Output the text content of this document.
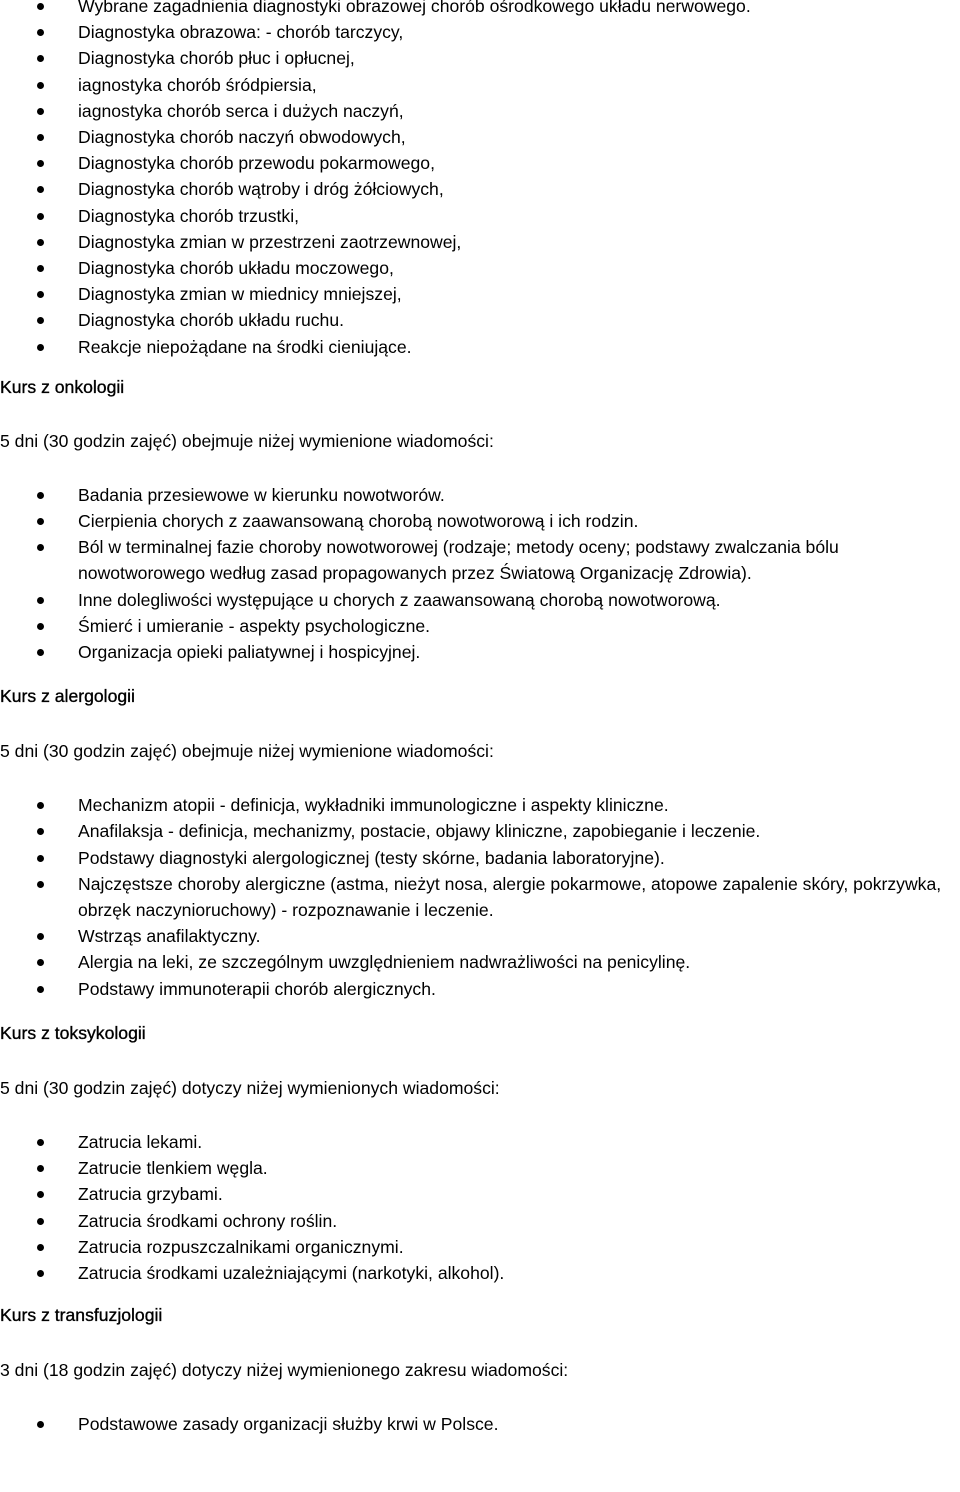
Wybrane zagadnienia diagnostyki obrazowej chorób ośrodkowego układu nerwowego.
Diagnostyka obrazowa: - chorób tarczycy,
Diagnostyka chorób płuc i opłucnej,
iagnostyka chorób śródpiersia,
iagnostyka chorób serca i dużych naczyń,
Diagnostyka chorób naczyń obwodowych,
Diagnostyka chorób przewodu pokarmowego,
Diagnostyka chorób wątroby i dróg żółciowych,
Diagnostyka chorób trzustki,
Diagnostyka zmian w przestrzeni zaotrzewnowej,
Diagnostyka chorób układu moczowego,
Diagnostyka zmian w miednicy mniejszej,
Diagnostyka chorób układu ruchu.
Reakcje niepożądane na środki cieniujące.
Kurs z onkologii

5 dni (30 godzin zajęć) obejmuje niżej wymienione wiadomości:

Badania przesiewowe w kierunku nowotworów.
Cierpienia chorych z zaawansowaną chorobą nowotworową i ich rodzin.
Ból w terminalnej fazie choroby nowotworowej (rodzaje; metody oceny; podstawy zwalczania bólu nowotworowego według zasad propagowanych przez Światową Organizację Zdrowia).
Inne dolegliwości występujące u chorych z zaawansowaną chorobą nowotworową.
Śmierć i umieranie - aspekty psychologiczne.
Organizacja opieki paliatywnej i hospicyjnej.
Kurs z alergologii

5 dni (30 godzin zajęć) obejmuje niżej wymienione wiadomości:

Mechanizm atopii - definicja, wykładniki immunologiczne i aspekty kliniczne.
Anafilaksja - definicja, mechanizmy, postacie, objawy kliniczne, zapobieganie i leczenie.
Podstawy diagnostyki alergologicznej (testy skórne, badania laboratoryjne).
Najczęstsze choroby alergiczne (astma, nieżyt nosa, alergie pokarmowe, atopowe zapalenie skóry, pokrzywka, obrzęk naczynioruchowy) - rozpoznawanie i leczenie.
Wstrząs anafilaktyczny.
Alergia na leki, ze szczególnym uwzględnieniem nadwrażliwości na penicylinę.
Podstawy immunoterapii chorób alergicznych.
Kurs z toksykologii

5 dni (30 godzin zajęć) dotyczy niżej wymienionych wiadomości:

Zatrucia lekami.
Zatrucie tlenkiem węgla.
Zatrucia grzybami.
Zatrucia środkami ochrony roślin.
Zatrucia rozpuszczalnikami organicznymi.
Zatrucia środkami uzależniającymi (narkotyki, alkohol).
Kurs z transfuzjologii

3 dni (18 godzin zajęć) dotyczy niżej wymienionego zakresu wiadomości:

Podstawowe zasady organizacji służby krwi w Polsce.
